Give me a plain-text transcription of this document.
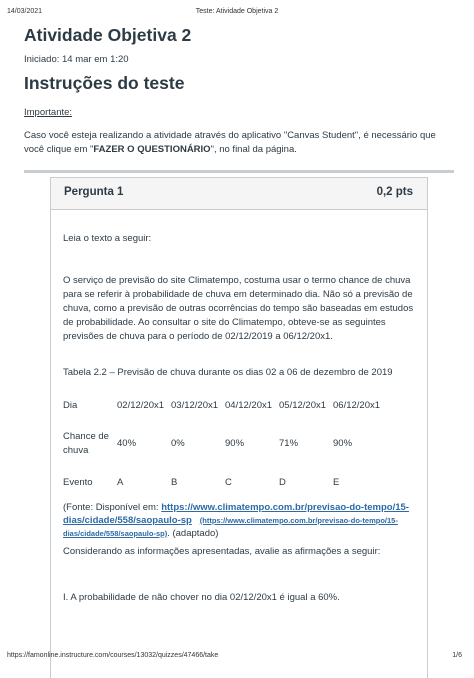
14/03/2021	Teste: Atividade Objetiva 2
Atividade Objetiva 2
Iniciado: 14 mar em 1:20
Instruções do teste
Importante:
Caso você esteja realizando a atividade através do aplicativo "Canvas Student", é necessário que você clique em "FAZER O QUESTIONÁRIO", no final da página.
Pergunta 1	0,2 pts
Leia o texto a seguir:
O serviço de previsão do site Climatempo, costuma usar o termo chance de chuva para se referir à probabilidade de chuva em determinado dia. Não só a previsão de chuva, como a previsão de outras ocorrências do tempo são baseadas em estudos de probabilidade. Ao consultar o site do Climatempo, obteve-se as seguintes previsões de chuva para o período de 02/12/2019 a 06/12/20x1.
Tabela 2.2 – Previsão de chuva durante os dias 02 a 06 de dezembro de 2019
Dia	02/12/20x1	03/12/20x1	04/12/20x1	05/12/20x1	06/12/20x1
Chance de chuva	40%	0%	90%	71%	90%
Evento	A	B	C	D	E
(Fonte: Disponível em: https://www.climatempo.com.br/previsao-do-tempo/15-dias/cidade/558/saopaulo-sp (https://www.climatempo.com.br/previsao-do-tempo/15-dias/cidade/558/saopaulo-sp). (adaptado)
Considerando as informações apresentadas, avalie as afirmações a seguir:
I. A probabilidade de não chover no dia 02/12/20x1 é igual a 60%.
https://famonline.instructure.com/courses/13032/quizzes/47466/take	1/6
